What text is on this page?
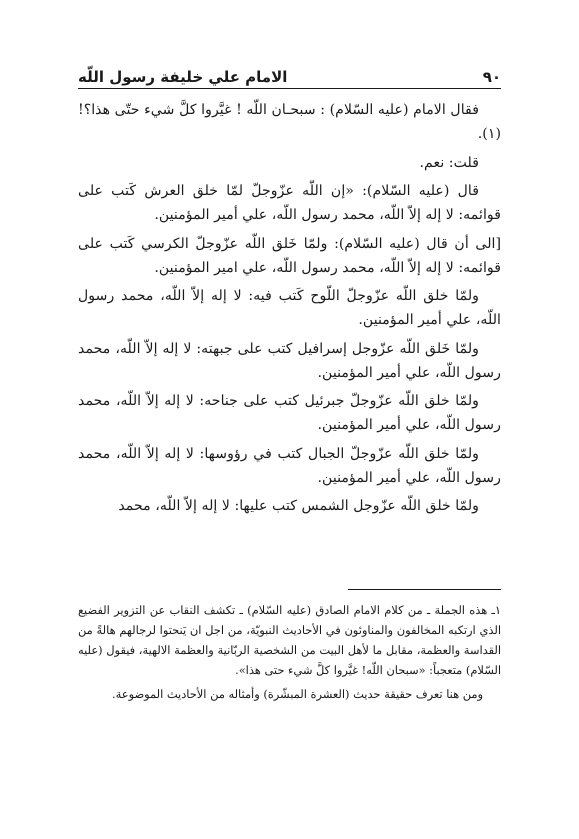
٩٠
الامام علي خليفة رسول اللّه

فقال الامام (عليه السّلام) : سبحـان اللّه ! غيَّروا كلَّ شيء حتّى هذا؟!(١).

قلت: نعم.

قال (عليه السّلام): «إن اللّه عزّوجلّ لمّا خلق العرش كَتب على قوائمه: لا إله إلاّ اللّه، محمد رسول اللّه، علي أمير المؤمنين.

[الى أن قال (عليه السّلام): ولمّا خَلق اللّه عزّوجلّ الكرسي كَتب على قوائمه: لا إله إلاّ اللّه، محمد رسول اللّه، علي امير المؤمنين.

ولمّا خلق اللّه عزّوجلّ اللّوح كَتب فيه: لا إله إلاّ اللّه، محمد رسول اللّه، علي أمير المؤمنين.

ولمّا خَلق اللّه عزّوجل إسرافيل كتب على جبهته: لا إله إلاّ اللّه، محمد رسول اللّه، علي أمير المؤمنين.

ولمّا خلق اللّه عزّوجلّ جبرئيل كتب على جناحه: لا إله إلاّ اللّه، محمد رسول اللّه، علي أمير المؤمنين.

ولمّا خلق اللّه عزّوجلّ الجبال كتب في رؤوسها: لا إله إلاّ اللّه، محمد رسول اللّه، علي أمير المؤمنين.

ولمّا خلق اللّه عزّوجل الشمس كتب عليها: لا إله إلاّ اللّه، محمد

١ـ هذه الجملة ـ من كلام الامام الصادق (عليه السّلام) ـ تكشف النقاب عن التزوير الفضيع الذي ارتكبه المخالفون والمناوئون في الأحاديث النبويّة، من اجل ان يَنحتوا لرجالهم هالةً من القداسة والعظمة، مقابل ما لأهل البيت من الشخصية الربّانية والعظمة الالهية، فيقول (عليه السّلام) متعجباً: «سبحان اللّه! غيَّروا كلَّ شيء حتى هذا».

ومن هنا تعرف حقيقة حديث (العشرة المبشّرة) وأمثاله من الأحاديث الموضوعة.
